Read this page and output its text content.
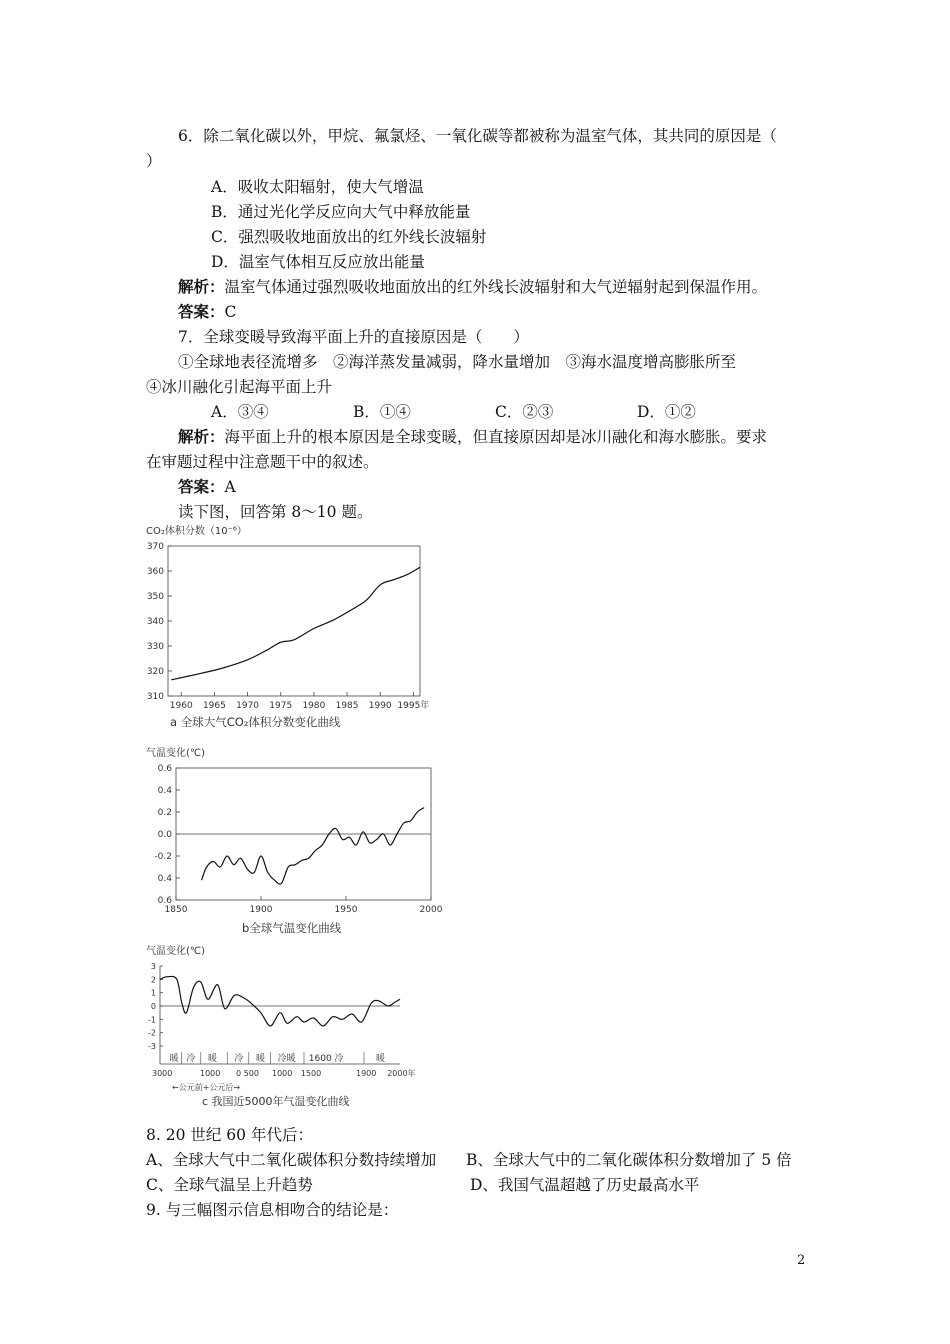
6．除二氧化碳以外，甲烷、氟氯烃、一氧化碳等都被称为温室气体，其共同的原因是（
）
A．吸收太阳辐射，使大气增温
B．通过光化学反应向大气中释放能量
C．强烈吸收地面放出的红外线长波辐射
D．温室气体相互反应放出能量
解析：温室气体通过强烈吸收地面放出的红外线长波辐射和大气逆辐射起到保温作用。
答案：C
7．全球变暖导致海平面上升的直接原因是（　　）
①全球地表径流增多　②海洋蒸发量减弱，降水量增加　③海水温度增高膨胀所至
④冰川融化引起海平面上升
A．③④	B．①④	C．②③	D．①②
解析：海平面上升的根本原因是全球变暖，但直接原因却是冰川融化和海水膨胀。要求
在审题过程中注意题干中的叙述。
答案：A
读下图，回答第 8～10 题。
CO₂体积分数（10⁻⁶）
310
320
330
340
350
360
370
1960 1965 1970 1975 1980 1985 1990 1995年
a 全球大气CO₂体积分数变化曲线
气温变化(℃)
0.6
0.4
0.2
0.0
-0.2
0.4
0.6
1850	1900	1950	2000
b全球气温变化曲线
气温变化(℃)
3
2
1
0
-1
-2
-3
暖 冷 暖 冷 暖 冷暖 1600 冷	暖
3000	1000 0 500 1000 1500	1900 2000年
←公元前+公元后→
c 我国近5000年气温变化曲线
8. 20 世纪 60 年代后：
A、全球大气中二氧化碳体积分数持续增加 B、全球大气中的二氧化碳体积分数增加了 5 倍
C、全球气温呈上升趋势	D、我国气温超越了历史最高水平
9. 与三幅图示信息相吻合的结论是：
2
